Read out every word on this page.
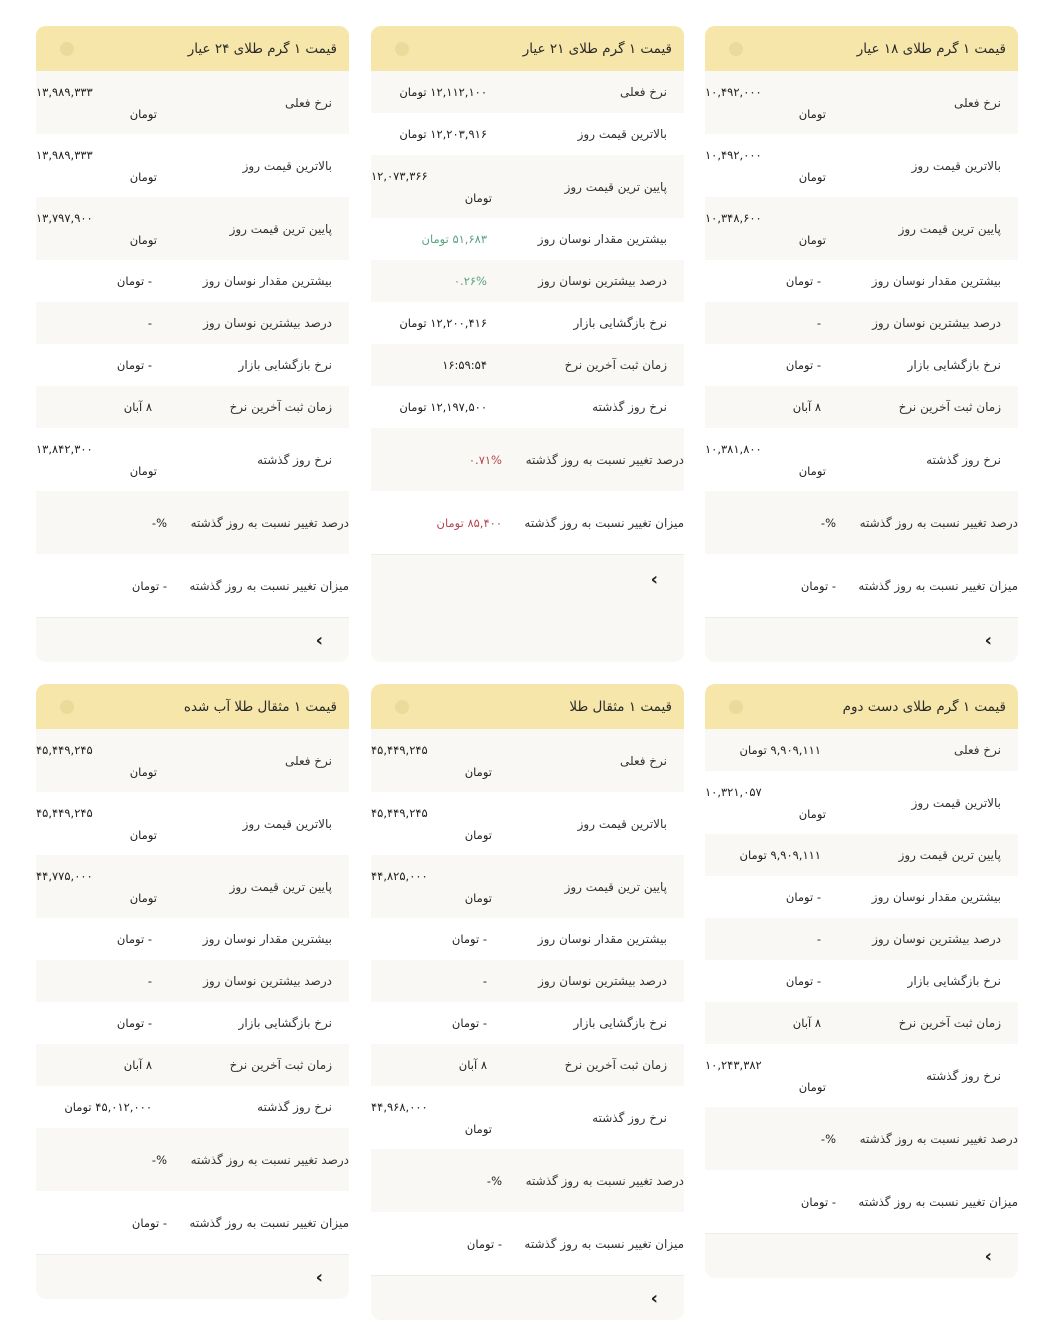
قیمت ۱ گرم طلای ۱۸ عیار
نرخ فعلی
۱۰,۴۹۲,۰۰۰
تومان
بالاترین قیمت روز
۱۰,۴۹۲,۰۰۰
تومان
پایین ترین قیمت روز
۱۰,۳۴۸,۶۰۰
تومان
بیشترین مقدار نوسان روز
- تومان
درصد بیشترین نوسان روز
-
نرخ بازگشایی بازار
- تومان
زمان ثبت آخرین نرخ
۸ آبان
نرخ روز گذشته
۱۰,۳۸۱,۸۰۰
تومان
درصد تغییر نسبت به روز گذشته
%-
میزان تغییر نسبت به روز گذشته
- تومان
‹
قیمت ۱ گرم طلای ۲۱ عیار
نرخ فعلی
۱۲,۱۱۲,۱۰۰ تومان
بالاترین قیمت روز
۱۲,۲۰۳,۹۱۶ تومان
پایین ترین قیمت روز
۱۲,۰۷۳,۳۶۶
تومان
بیشترین مقدار نوسان روز
۵۱,۶۸۳ تومان
درصد بیشترین نوسان روز
۰.۲۶%
نرخ بازگشایی بازار
۱۲,۲۰۰,۴۱۶ تومان
زمان ثبت آخرین نرخ
۱۶:۵۹:۵۴
نرخ روز گذشته
۱۲,۱۹۷,۵۰۰ تومان
درصد تغییر نسبت به روز گذشته
۰.۷۱%
میزان تغییر نسبت به روز گذشته
۸۵,۴۰۰ تومان
‹
قیمت ۱ گرم طلای ۲۴ عیار
نرخ فعلی
۱۳,۹۸۹,۳۳۳
تومان
بالاترین قیمت روز
۱۳,۹۸۹,۳۳۳
تومان
پایین ترین قیمت روز
۱۳,۷۹۷,۹۰۰
تومان
بیشترین مقدار نوسان روز
- تومان
درصد بیشترین نوسان روز
-
نرخ بازگشایی بازار
- تومان
زمان ثبت آخرین نرخ
۸ آبان
نرخ روز گذشته
۱۳,۸۴۲,۳۰۰
تومان
درصد تغییر نسبت به روز گذشته
%-
میزان تغییر نسبت به روز گذشته
- تومان
‹
قیمت ۱ گرم طلای دست دوم
نرخ فعلی
۹,۹۰۹,۱۱۱ تومان
بالاترین قیمت روز
۱۰,۳۲۱,۰۵۷
تومان
پایین ترین قیمت روز
۹,۹۰۹,۱۱۱ تومان
بیشترین مقدار نوسان روز
- تومان
درصد بیشترین نوسان روز
-
نرخ بازگشایی بازار
- تومان
زمان ثبت آخرین نرخ
۸ آبان
نرخ روز گذشته
۱۰,۲۴۳,۳۸۲
تومان
درصد تغییر نسبت به روز گذشته
%-
میزان تغییر نسبت به روز گذشته
- تومان
‹
قیمت ۱ مثقال طلا
نرخ فعلی
۴۵,۴۴۹,۲۴۵
تومان
بالاترین قیمت روز
۴۵,۴۴۹,۲۴۵
تومان
پایین ترین قیمت روز
۴۴,۸۲۵,۰۰۰
تومان
بیشترین مقدار نوسان روز
- تومان
درصد بیشترین نوسان روز
-
نرخ بازگشایی بازار
- تومان
زمان ثبت آخرین نرخ
۸ آبان
نرخ روز گذشته
۴۴,۹۶۸,۰۰۰
تومان
درصد تغییر نسبت به روز گذشته
%-
میزان تغییر نسبت به روز گذشته
- تومان
‹
قیمت ۱ مثقال طلا آب شده
نرخ فعلی
۴۵,۴۴۹,۲۴۵
تومان
بالاترین قیمت روز
۴۵,۴۴۹,۲۴۵
تومان
پایین ترین قیمت روز
۴۴,۷۷۵,۰۰۰
تومان
بیشترین مقدار نوسان روز
- تومان
درصد بیشترین نوسان روز
-
نرخ بازگشایی بازار
- تومان
زمان ثبت آخرین نرخ
۸ آبان
نرخ روز گذشته
۴۵,۰۱۲,۰۰۰ تومان
درصد تغییر نسبت به روز گذشته
%-
میزان تغییر نسبت به روز گذشته
- تومان
‹
